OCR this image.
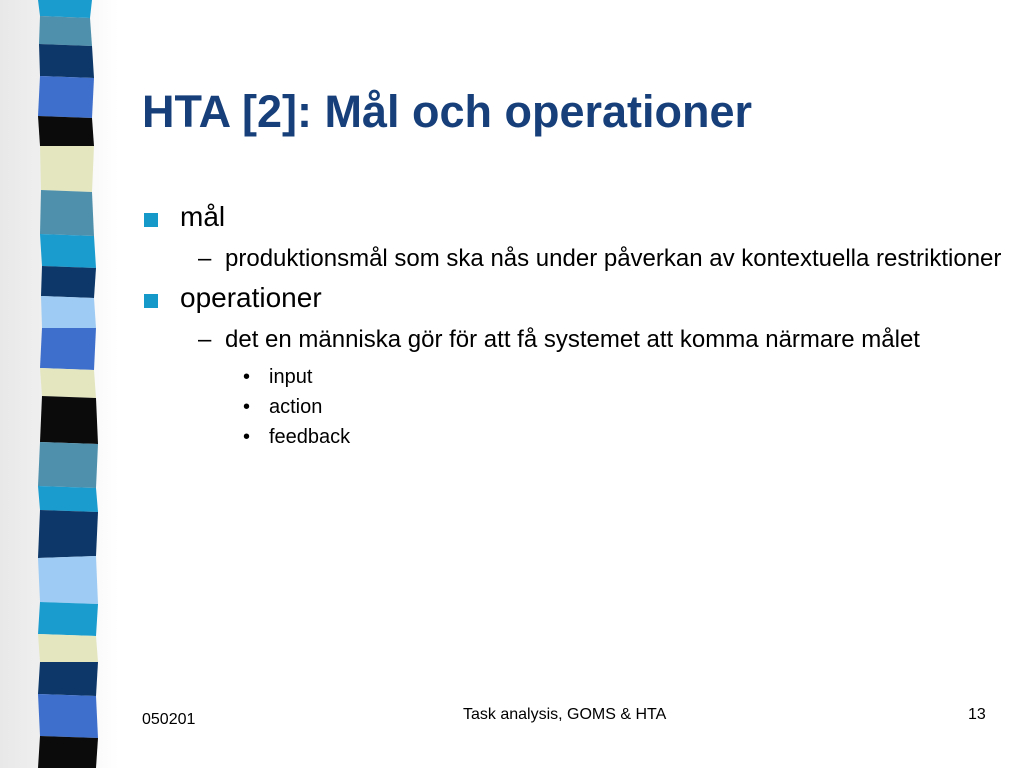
HTA [2]: Mål och operationer
mål
– produktionsmål som ska nås under påverkan av kontextuella restriktioner
operationer
– det en människa gör för att få systemet att komma närmare målet
• input
• action
• feedback
050201	Task analysis, GOMS & HTA	13
